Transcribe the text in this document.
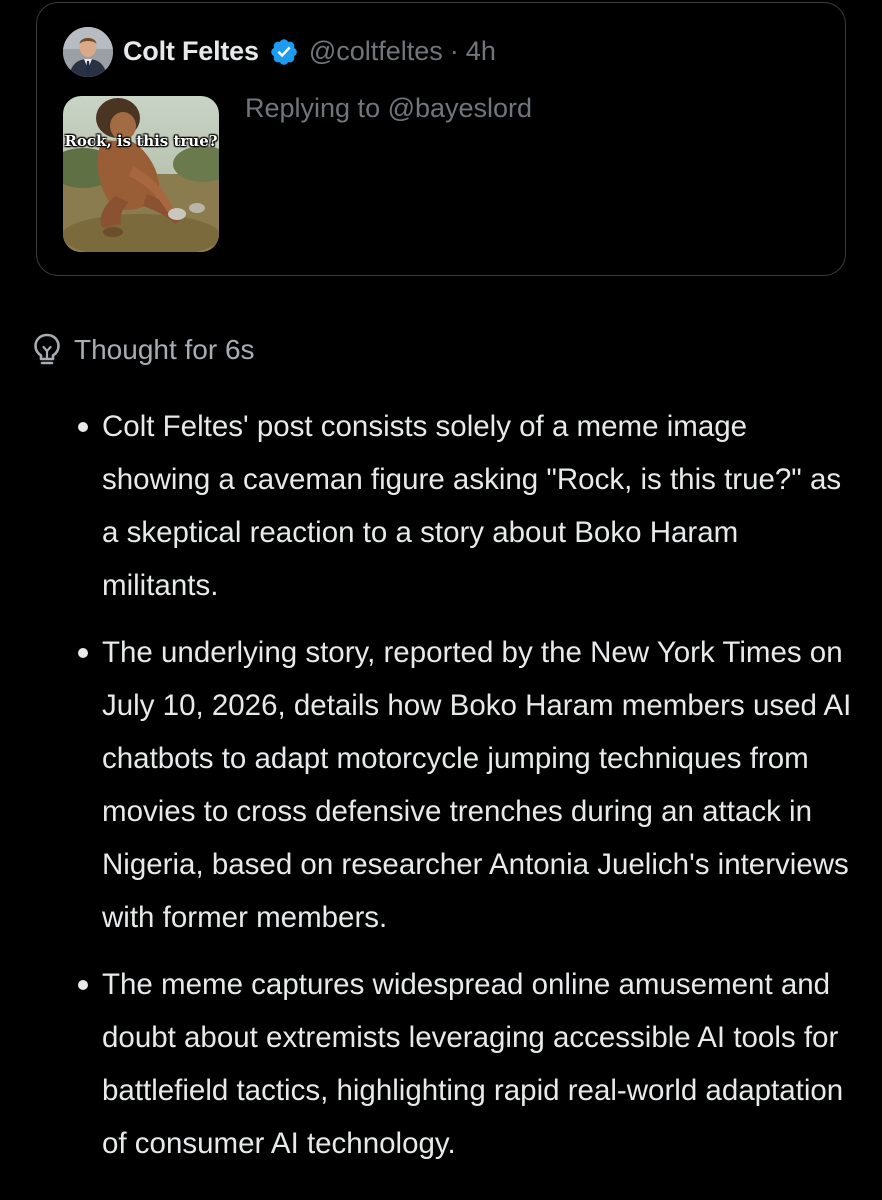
Colt Feltes @coltfeltes · 4h
Replying to @bayeslord
Rock, is this true?
Thought for 6s
Colt Feltes' post consists solely of a meme image showing a caveman figure asking "Rock, is this true?" as a skeptical reaction to a story about Boko Haram militants.
The underlying story, reported by the New York Times on July 10, 2026, details how Boko Haram members used AI chatbots to adapt motorcycle jumping techniques from movies to cross defensive trenches during an attack in Nigeria, based on researcher Antonia Juelich's interviews with former members.
The meme captures widespread online amusement and doubt about extremists leveraging accessible AI tools for battlefield tactics, highlighting rapid real-world adaptation of consumer AI technology.
